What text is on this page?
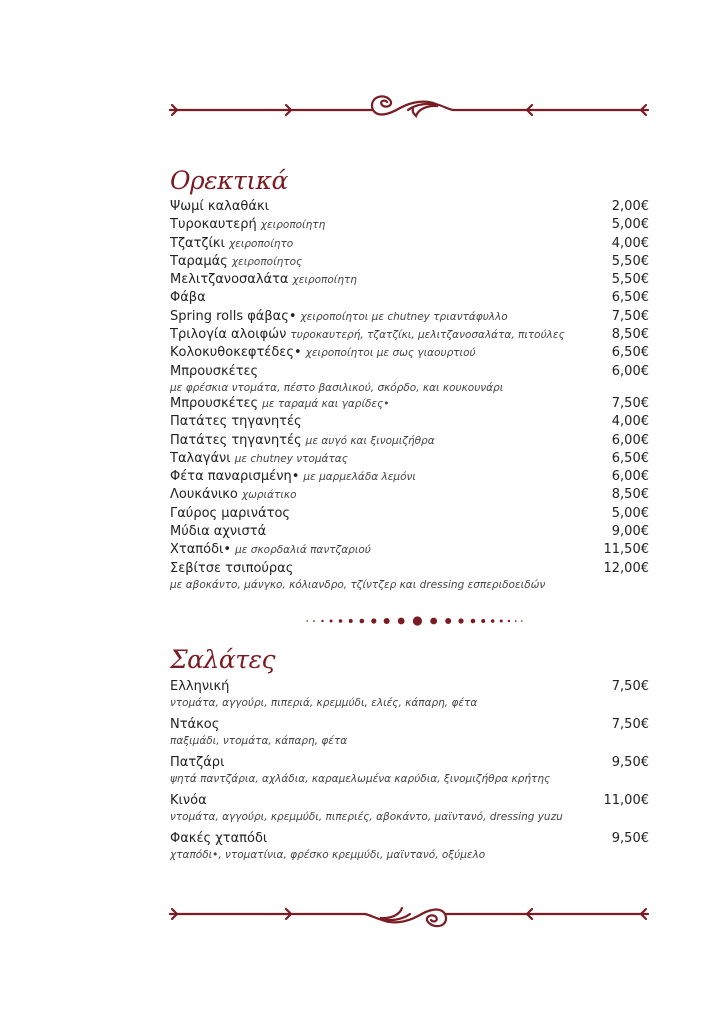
Ορεκτικά
Ψωμί καλαθάκι	2,00€
Τυροκαυτερή χειροποίητη	5,00€
Τζατζίκι χειροποίητο	4,00€
Ταραμάς χειροποίητος	5,50€
Μελιτζανοσαλάτα χειροποίητη	5,50€
Φάβα	6,50€
Spring rolls φάβας• χειροποίητοι με chutney τριαντάφυλλο	7,50€
Τριλογία αλοιφών τυροκαυτερή, τζατζίκι, μελιτζανοσαλάτα, πιτούλες	8,50€
Κολοκυθοκεφτέδες• χειροποίητοι με σως γιαουρτιού	6,50€
Μπρουσκέτες	6,00€
με φρέσκια ντομάτα, πέστο βασιλικού, σκόρδο, και κουκουνάρι
Μπρουσκέτες με ταραμά και γαρίδες•	7,50€
Πατάτες τηγανητές	4,00€
Πατάτες τηγανητές με αυγό και ξινομιζήθρα	6,00€
Ταλαγάνι με chutney ντομάτας	6,50€
Φέτα παναρισμένη• με μαρμελάδα λεμόνι	6,00€
Λουκάνικο χωριάτικο	8,50€
Γαύρος μαρινάτος	5,00€
Μύδια αχνιστά	9,00€
Χταπόδι• με σκορδαλιά παντζαριού	11,50€
Σεβίτσε τσιπούρας	12,00€
με αβοκάντο, μάνγκο, κόλιανδρο, τζίντζερ και dressing εσπεριδοειδών
Σαλάτες
Ελληνική	7,50€
ντομάτα, αγγούρι, πιπεριά, κρεμμύδι, ελιές, κάπαρη, φέτα
Ντάκος	7,50€
παξιμάδι, ντομάτα, κάπαρη, φέτα
Πατζάρι	9,50€
ψητά παντζάρια, αχλάδια, καραμελωμένα καρύδια, ξινομιζήθρα κρήτης
Κινόα	11,00€
ντομάτα, αγγούρι, κρεμμύδι, πιπεριές, αβοκάντο, μαϊντανό, dressing yuzu
Φακές χταπόδι	9,50€
χταπόδι•, ντοματίνια, φρέσκο κρεμμύδι, μαϊντανό, οξύμελο
